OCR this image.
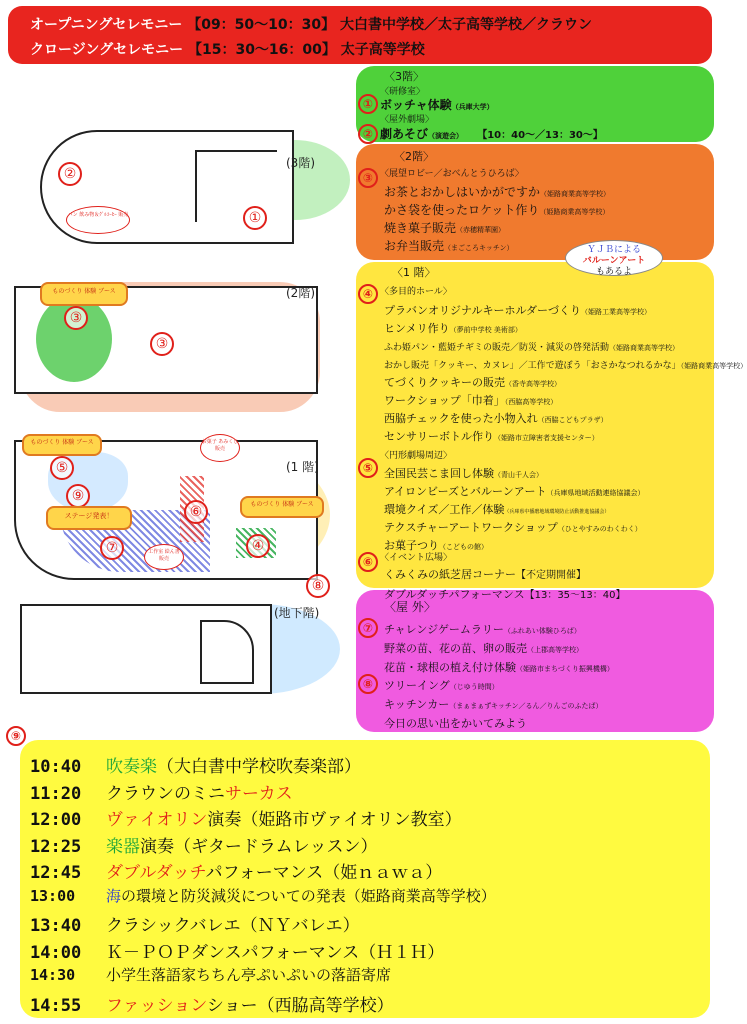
オープニングセレモニー 【09：50～10：30】 大白書中学校／太子高等学校／クラウン
クロージングセレモニー 【15：30～16：00】 太子高等学校
②
①
パン 飲み物＆ｸﾞﾙｺｰﾋｰ 販売
(3階)
③
③
ものづくり 体験 ブース	(2階)
⑤
⑨
⑥
⑦	④
⑧
ものづくり 体験 ブース
ステージ発表！
ものづくり 体験 ブース
お菓子 あみくじ 販売
工作室 絵ん書 販売
(1 階)
(地下階)
〈3階〉
〈研修室〉
① ボッチャ体験（兵庫大学）
〈屋外劇場〉
② 劇あそび（演遊会） 【10：40～／13：30～】
〈2階〉
③ 〈展望ロビー／おべんとうひろば〉
お茶とおかしはいかがですか（姫路商業高等学校）
かさ袋を使ったロケット作り（姫路商業高等学校）
焼き菓子販売（赤穂精華園）
お弁当販売（まごころキッチン）	ＹＪＢによる
バルーンアート
もあるよ
〈1 階〉
④ 〈多目的ホール〉
プラバンオリジナルキーホルダーづくり（姫路工業高等学校）
ヒンメリ作り（夢前中学校 美術部）
ふわ姫パン・藍姫チギミの販売／防災・減災の啓発活動（姫路商業高等学校）
おかし販売「クッキー、カヌレ」／工作で遊ぼう「おさかなつれるかな」（姫路商業高等学校）
てづくりクッキーの販売（香寺高等学校）
ワークショップ「巾着」（西脇高等学校）
西脇チェックを使った小物入れ（西脇こどもプラザ）
センサリーボトル作り（姫路市立障害者支援センター）
⑤
〈円形劇場周辺〉
全国民芸こま回し体験（青山千人会）
アイロンビーズとバルーンアート（兵庫県地域活動連絡協議会）
環境クイズ／工作／体験（兵庫県中播磨地域環境防止活動推進協議会）
テクスチャーアートワークショップ（ひとやすみのわくわく）
お菓子つり（こどもの館）
⑥ 〈イベント広場〉
くみくみの紙芝居コーナー【不定期開催】
ダブルダッチパフォーマンス【13：35～13：40】
〈屋 外〉
⑦ チャレンジゲームラリー（ふれあい体験ひろば）
野菜の苗、花の苗、卵の販売（上郡高等学校）
花苗・球根の植え付け体験（姫路市まちづくり振興機構）
⑧ ツリーイング（じゆう時間）
キッチンカー（まぁまぁずキッチン／るん／りんごのふたば）
今日の思い出をかいてみよう
⑨
10:40 吹奏楽（大白書中学校吹奏楽部）
11:20 クラウンのミニサーカス
12:00 ヴァイオリン演奏（姫路市ヴァイオリン教室）
12:25 楽器演奏（ギタードラムレッスン）
12:45 ダブルダッチパフォーマンス（姫ｎａｗａ）
13:00 海の環境と防災減災についての発表（姫路商業高等学校）
13:40 クラシックバレエ（ＮＹバレエ）
14:00 Ｋ－ＰＯＰダンスパフォーマンス（Ｈ１Ｈ）
14:30 小学生落語家ちちん亭ぷいぷいの落語寄席
14:55 ファッションショー（西脇高等学校）
